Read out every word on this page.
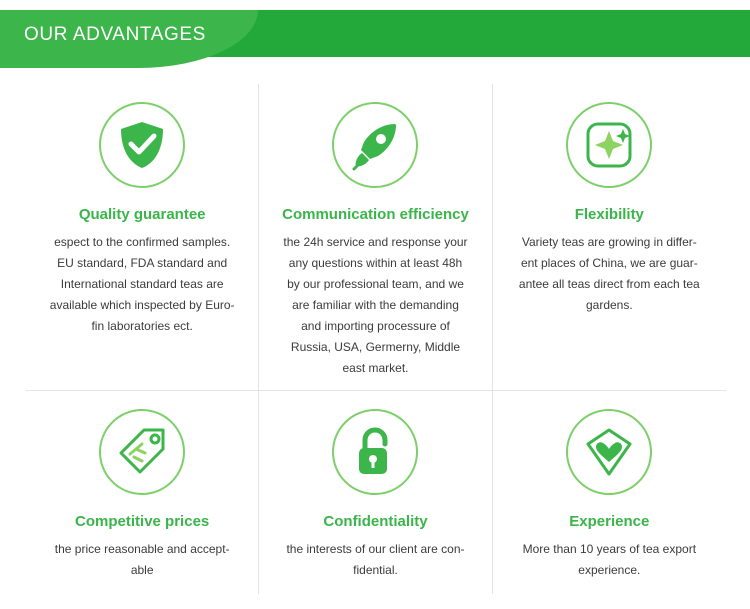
OUR ADVANTAGES
Quality guarantee

espect to the confirmed samples.

EU standard, FDA standard and

International standard teas are

available which inspected by Euro-

fin laboratories ect.

Communication efficiency

the 24h service and response your

any questions within at least 48h

by our professional team, and we

are familiar with the demanding

and importing processure of

Russia, USA, Germerny, Middle

east market.

Flexibility

Variety teas are growing in differ-

ent places of China, we are guar-

antee all teas direct from each tea

gardens.

Competitive prices

the price reasonable and accept-

able

Confidentiality

the interests of our client are con-

fidential.

Experience

More than 10 years of tea export

experience.
